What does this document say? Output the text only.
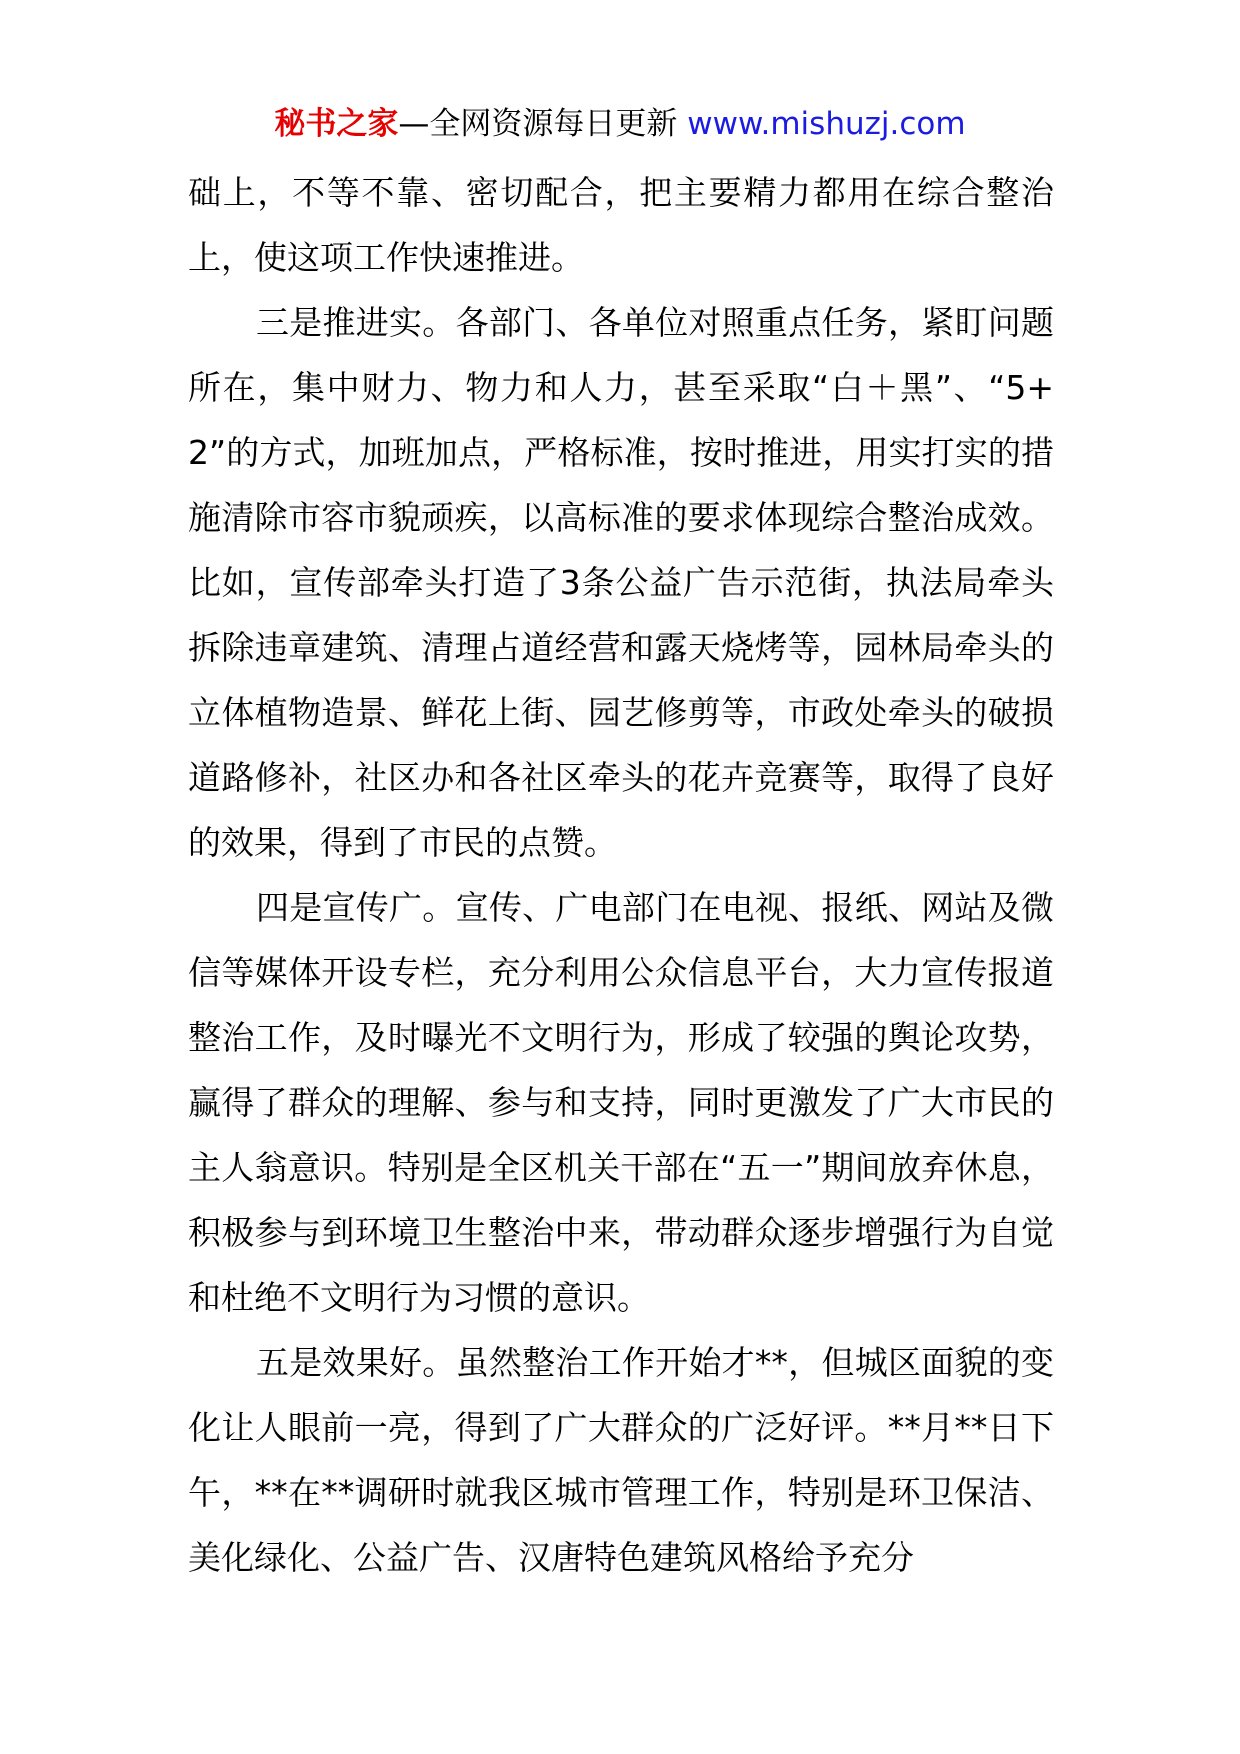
秘书之家—全网资源每日更新 www.mishuzj.com

础上，不等不靠、密切配合，把主要精力都用在综合整治上，使这项工作快速推进。

三是推进实。各部门、各单位对照重点任务，紧盯问题所在，集中财力、物力和人力，甚至采取“白＋黑”、“5+2”的方式，加班加点，严格标准，按时推进，用实打实的措施清除市容市貌顽疾，以高标准的要求体现综合整治成效。比如，宣传部牵头打造了3条公益广告示范街，执法局牵头拆除违章建筑、清理占道经营和露天烧烤等，园林局牵头的立体植物造景、鲜花上街、园艺修剪等，市政处牵头的破损道路修补，社区办和各社区牵头的花卉竞赛等，取得了良好的效果，得到了市民的点赞。

四是宣传广。宣传、广电部门在电视、报纸、网站及微信等媒体开设专栏，充分利用公众信息平台，大力宣传报道整治工作，及时曝光不文明行为，形成了较强的舆论攻势，赢得了群众的理解、参与和支持，同时更激发了广大市民的主人翁意识。特别是全区机关干部在“五一”期间放弃休息，积极参与到环境卫生整治中来，带动群众逐步增强行为自觉和杜绝不文明行为习惯的意识。

五是效果好。虽然整治工作开始才**，但城区面貌的变化让人眼前一亮，得到了广大群众的广泛好评。**月**日下午，**在**调研时就我区城市管理工作，特别是环卫保洁、美化绿化、公益广告、汉唐特色建筑风格给予充分
